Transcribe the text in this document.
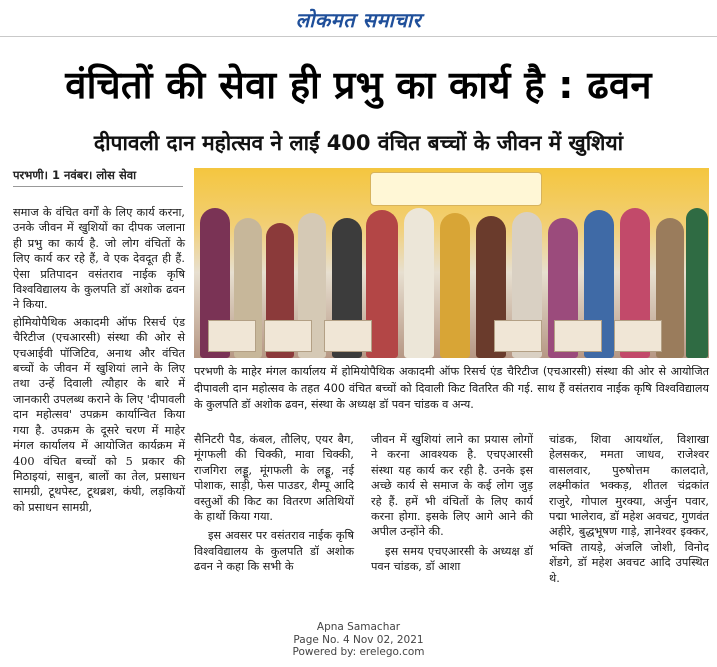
लोकमत समाचार
वंचितों की सेवा ही प्रभु का कार्य है : ढवन
दीपावली दान महोत्सव ने लाईं 400 वंचित बच्चों के जीवन में खुशियां
परभणी। 1 नवंबर। लोस सेवा
समाज के वंचित वर्गों के लिए कार्य करना, उनके जीवन में खुशियों का दीपक जलाना ही प्रभु का कार्य है. जो लोग वंचितों के लिए कार्य कर रहे हैं, वे एक देवदूत ही हैं. ऐसा प्रतिपादन वसंतराव नाईक कृषि विश्वविद्यालय के कुलपति डॉ अशोक ढवन ने किया.
होमियोपैथिक अकादमी ऑफ रिसर्च एंड चैरिटीज (एचआरसी) संस्था की ओर से एचआईवी पॉजिटिव, अनाथ और वंचित बच्चों के जीवन में खुशियां लाने के लिए तथा उन्हें दिवाली त्यौहार के बारे में जानकारी उपलब्ध कराने के लिए 'दीपावली दान महोत्सव' उपक्रम कार्यान्वित किया गया है. उपक्रम के दूसरे चरण में माहेर मंगल कार्यालय में आयोजित कार्यक्रम में 400 वंचित बच्चों को 5 प्रकार की मिठाइयां, साबुन, बालों का तेल, प्रसाधन सामग्री, टूथपेस्ट, टूथब्रश, कंघी, लड़कियों को प्रसाधन सामग्री,
परभणी के माहेर मंगल कार्यालय में होमियोपैथिक अकादमी ऑफ रिसर्च एंड चैरिटीज (एचआरसी) संस्था की ओर से आयोजित दीपावली दान महोत्सव के तहत 400 वंचित बच्चों को दिवाली किट वितरित की गई. साथ हैं वसंतराव नाईक कृषि विश्वविद्यालय के कुलपति डॉ अशोक ढवन, संस्था के अध्यक्ष डॉ पवन चांडक व अन्य.
सैनिटरी पैड, कंबल, तौलिए, एयर बैग, मूंगफली की चिक्की, मावा चिक्की, राजगिरा लड्डू, मूंगफली के लड्डू, नई पोशाक, साड़ी, फेस पाउडर, शैम्पू आदि वस्तुओं की किट का वितरण अतिथियों के हाथों किया गया.
इस अवसर पर वसंतराव नाईक कृषि विश्वविद्यालय के कुलपति डॉ अशोक ढवन ने कहा कि सभी के
जीवन में खुशियां लाने का प्रयास लोगों ने करना आवश्यक है. एचएआरसी संस्था यह कार्य कर रही है. उनके इस अच्छे कार्य से समाज के कई लोग जुड़ रहे हैं. हमें भी वंचितों के लिए कार्य करना होगा. इसके लिए आगे आने की अपील उन्होंने की.
इस समय एचएआरसी के अध्यक्ष डॉ पवन चांडक, डॉ आशा
चांडक, शिवा आयथॉल, विशाखा हेलसकर, ममता जाधव, राजेश्वर वासलवार, पुरुषोत्तम कालदाते, लक्ष्मीकांत भक्कड़, शीतल चंद्रकांत राजुरे, गोपाल मुरक्या, अर्जुन पवार, पद्मा भालेराव, डॉ महेश अवचट, गुणवंत अहीरे, बुद्धभूषण गाड़े, ज्ञानेश्वर इक्कर, भक्ति तायड़े, अंजलि जोशी, विनोद शेंडगे, डॉ महेश अवचट आदि उपस्थित थे.
Apna Samachar
Page No. 4 Nov 02, 2021
Powered by: erelego.com
